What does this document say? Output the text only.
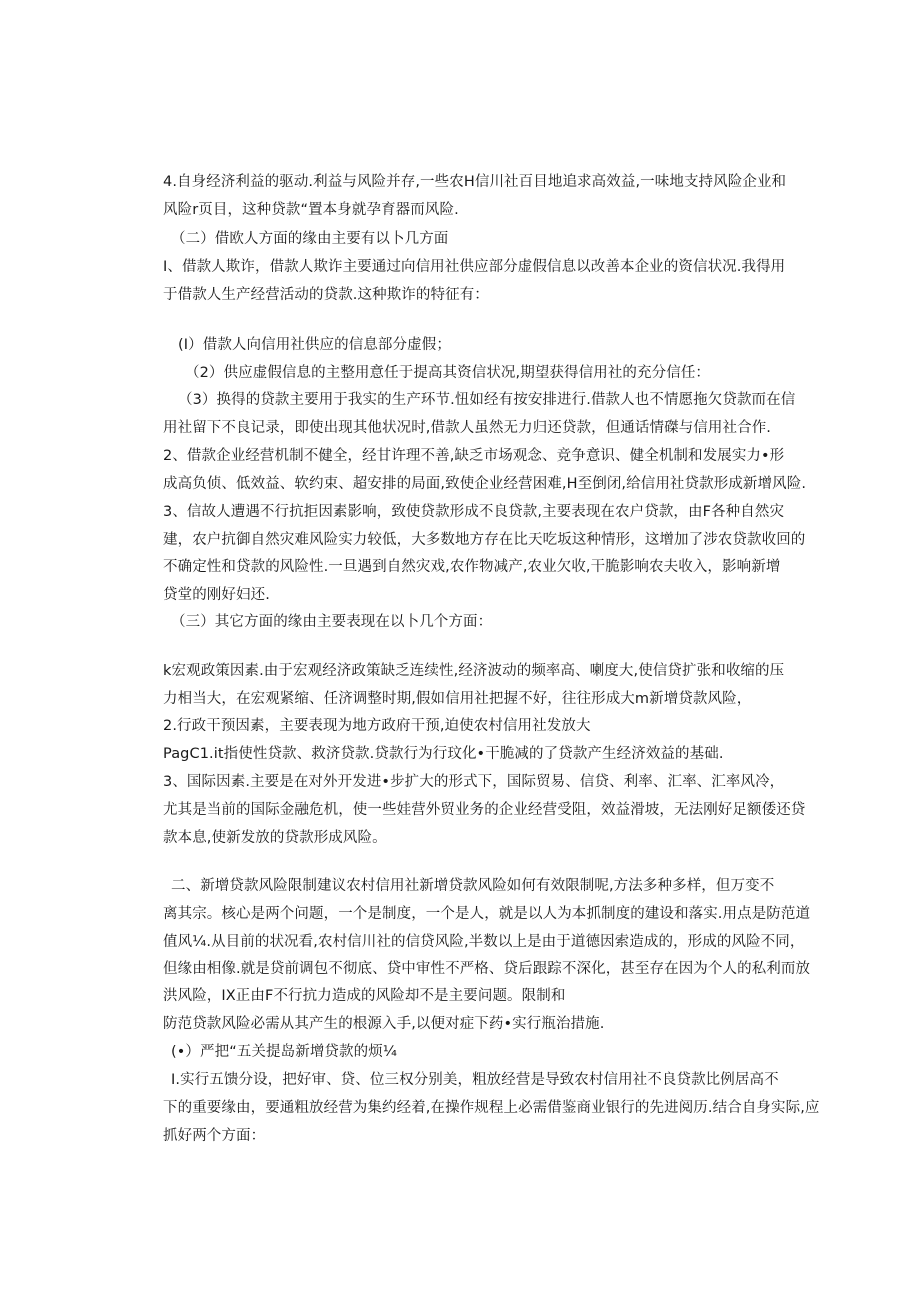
4.自身经济利益的驱动.利益与风险并存,一些农H信川社百目地追求高效益,一味地支持风险企业和
风险r页目，这种贷款“置本身就孕育器而风险.
（二）借欧人方面的缘由主要有以卜几方面
I、借款人欺诈，借款人欺诈主要通过向信用社供应部分虚假信息以改善本企业的资信状况.我得用
于借款人生产经营活动的贷款.这种欺诈的特征有：
(I）借款人向信用社供应的信息部分虚假；
（2）供应虚假信息的主整用意任于提高其资信状况,期望获得信用社的充分信任：
（3）换得的贷款主要用于我实的生产环节.忸如经有按安排进行.借款人也不情愿拖欠贷款而在信
用社留下不良记录，即使出现其他状况时,借款人虽然无力归还贷款，但通话情磔与信用社合作.
2、借款企业经营机制不健全，经甘许理不善,缺乏市场观念、竞争意识、健全机制和发展实力•形
成高负侦、低效益、软约束、超安排的局面,致使企业经营困难,H至倒闭,给信用社贷款形成新增风险.
3、信故人遭遇不行抗拒因素影响，致使贷款形成不良贷款,主要表现在农户贷款，由F各种自然灾
建，农户抗御自然灾难风险实力较低，大多数地方存在比天吃坂这种情形，这增加了涉农贷款收回的
不确定性和贷款的风险性.一旦遇到自然灾戏,农作物减产,农业欠收,干脆影响农夫收入，影响新增
贷堂的刚好妇还.
（三）其它方面的缘由主要表现在以卜几个方面：
k宏观政策因素.由于宏观经济政策缺乏连续性,经济波动的频率高、喇度大,使信贷扩张和收缩的压
力相当大，在宏观紧缩、任济调整时期,假如信用社把握不好，往往形成大m新增贷款风险，
2.行政干预因素，主要表现为地方政府干预,迫使农村信用社发放大
PagC1.it指使性贷款、救济贷款.贷款行为行玟化•干脆减的了贷款产生经济效益的基础.
3、国际因素.主要是在对外开发进•步扩大的形式下，国际贸易、信贷、利率、汇率、汇率风冷，
尤其是当前的国际金融危机，使一些娃营外贸业务的企业经营受阻，效益滑坡，无法刚好足额倭还贷
款本息,使新发放的贷款形成风险。
二、新增贷款风险限制建议农村信用社新增贷款风险如何有效限制呢,方法多种多样，但万变不
离其宗。核心是两个问题，一个是制度，一个是人，就是以人为本抓制度的建设和落实.用点是防范道
值风¼.从目前的状况看,农村信川社的信贷风险,半数以上是由于道德因索造成的，形成的风险不同，
但缘由相像.就是贷前调包不彻底、贷中审性不严格、贷后跟踪不深化，甚至存在因为个人的私利而放
洪风险，IX正由F不行抗力造成的风险却不是主要问题。限制和
防范贷款风险必需从其产生的根源入手,以便对症下药•实行瓶治措施.
(•）严把“五关提岛新增贷款的烦¼
I.实行五馈分设，把好审、贷、位三权分别美，粗放经营是导致农村信用社不良贷款比例居高不
下的重要缘由，要通粗放经营为集约经着,在操作规程上必需借鉴商业银行的先进阅历.结合自身实际,应
抓好两个方面：
